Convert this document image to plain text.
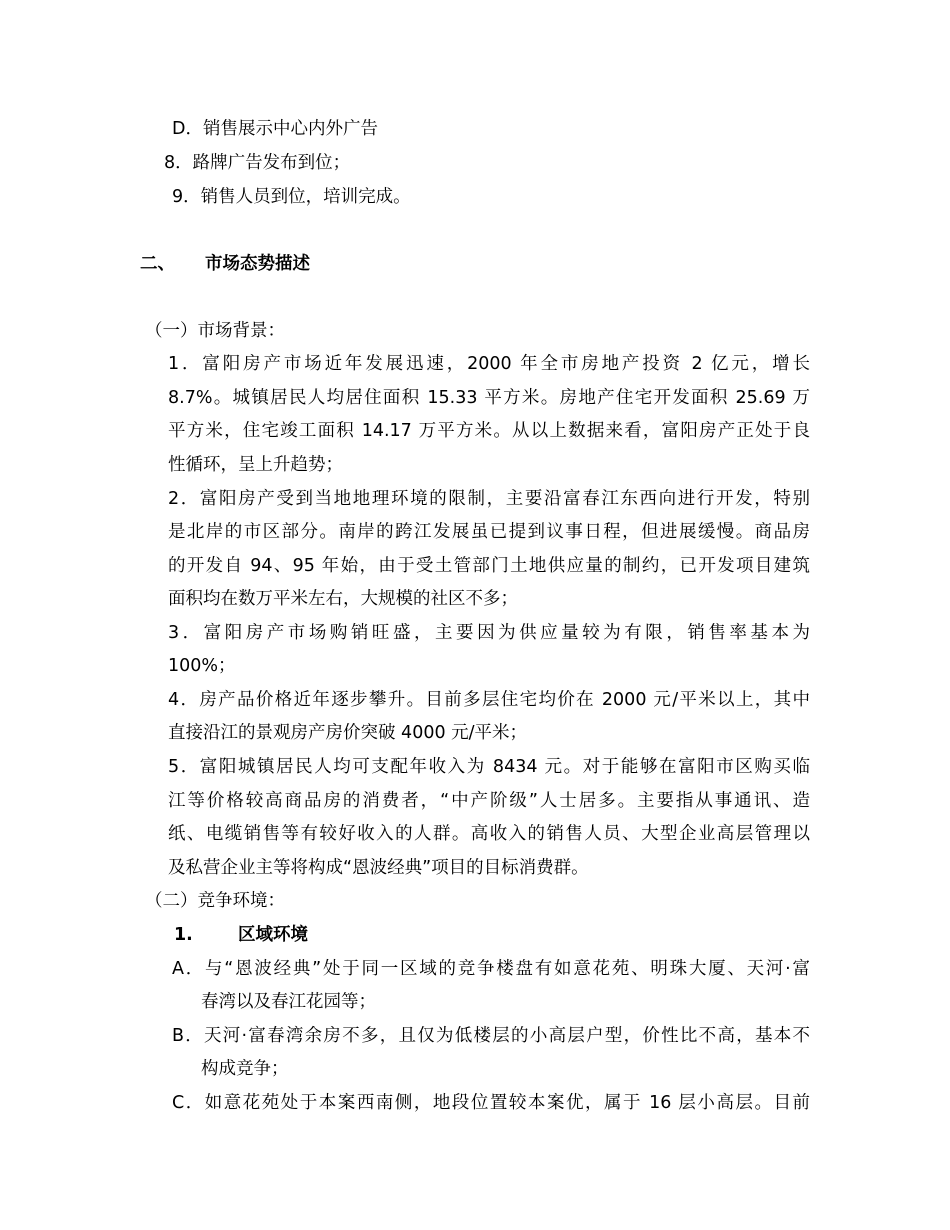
D．销售展示中心内外广告
8．路牌广告发布到位；
9．销售人员到位，培训完成。
二、 市场态势描述
（一）市场背景：
1．富阳房产市场近年发展迅速，2000 年全市房地产投资 2 亿元，增长
8.7%。城镇居民人均居住面积 15.33 平方米。房地产住宅开发面积 25.69 万
平方米，住宅竣工面积 14.17 万平方米。从以上数据来看，富阳房产正处于良
性循环，呈上升趋势；
2．富阳房产受到当地地理环境的限制，主要沿富春江东西向进行开发，特别
是北岸的市区部分。南岸的跨江发展虽已提到议事日程，但进展缓慢。商品房
的开发自 94、95 年始，由于受土管部门土地供应量的制约，已开发项目建筑
面积均在数万平米左右，大规模的社区不多；
3．富阳房产市场购销旺盛，主要因为供应量较为有限，销售率基本为
100%；
4．房产品价格近年逐步攀升。目前多层住宅均价在 2000 元/平米以上，其中
直接沿江的景观房产房价突破 4000 元/平米；
5．富阳城镇居民人均可支配年收入为 8434 元。对于能够在富阳市区购买临
江等价格较高商品房的消费者，“中产阶级”人士居多。主要指从事通讯、造
纸、电缆销售等有较好收入的人群。高收入的销售人员、大型企业高层管理以
及私营企业主等将构成“恩波经典”项目的目标消费群。
（二）竞争环境：
1.	区域环境
A．与“恩波经典”处于同一区域的竞争楼盘有如意花苑、明珠大厦、天河·富
春湾以及春江花园等；
B．天河·富春湾余房不多，且仅为低楼层的小高层户型，价性比不高，基本不
构成竞争；
C．如意花苑处于本案西南侧，地段位置较本案优，属于 16 层小高层。目前
